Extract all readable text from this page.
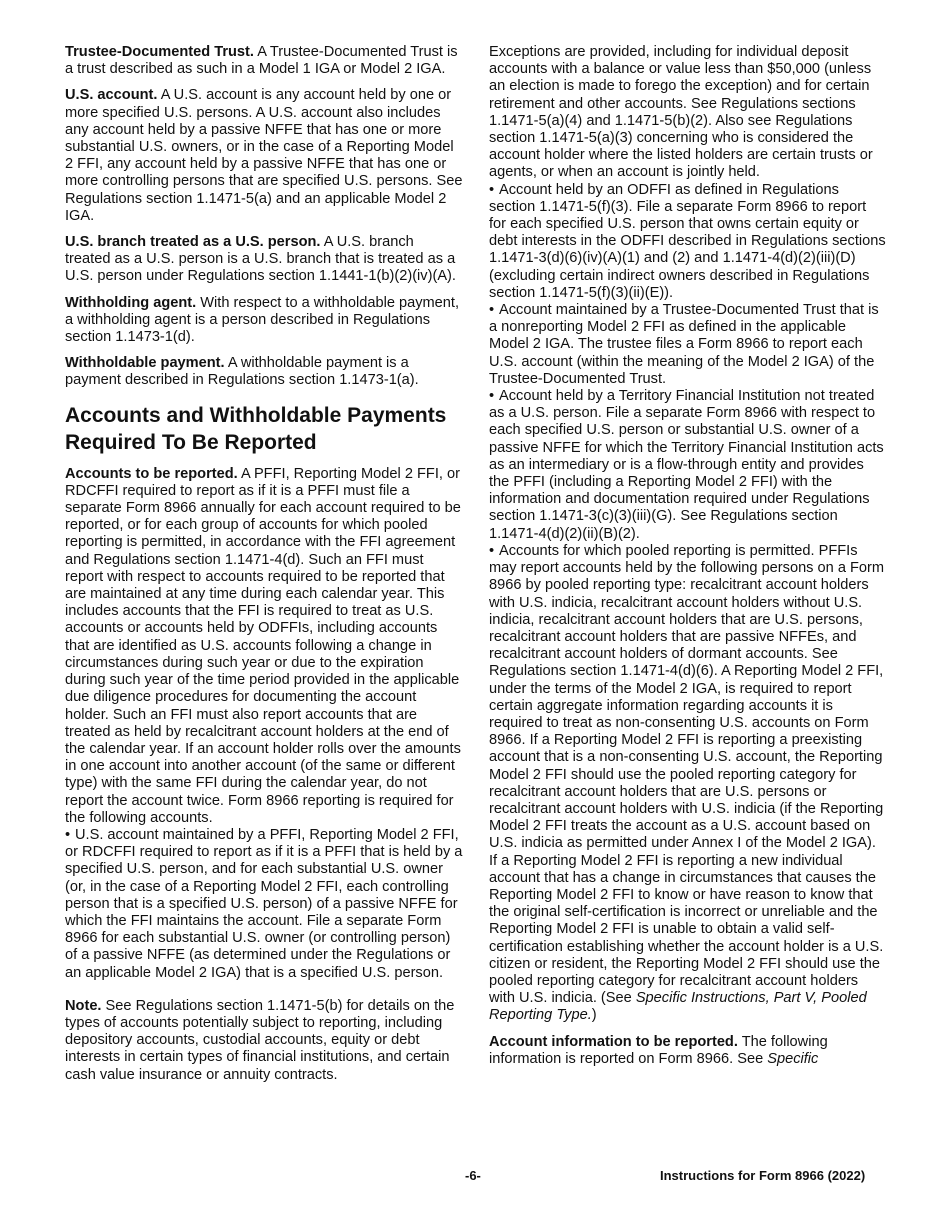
Trustee-Documented Trust. A Trustee-Documented Trust is a trust described as such in a Model 1 IGA or Model 2 IGA.

U.S. account. A U.S. account is any account held by one or more specified U.S. persons. A U.S. account also includes any account held by a passive NFFE that has one or more substantial U.S. owners, or in the case of a Reporting Model 2 FFI, any account held by a passive NFFE that has one or more controlling persons that are specified U.S. persons. See Regulations section 1.1471-5(a) and an applicable Model 2 IGA.

U.S. branch treated as a U.S. person. A U.S. branch treated as a U.S. person is a U.S. branch that is treated as a U.S. person under Regulations section 1.1441-1(b)(2)(iv)(A).

Withholding agent. With respect to a withholdable payment, a withholding agent is a person described in Regulations section 1.1473-1(d).

Withholdable payment. A withholdable payment is a payment described in Regulations section 1.1473-1(a).

Accounts and Withholdable Payments Required To Be Reported

Accounts to be reported. A PFFI, Reporting Model 2 FFI, or RDCFFI required to report as if it is a PFFI must file a separate Form 8966 annually for each account required to be reported, or for each group of accounts for which pooled reporting is permitted, in accordance with the FFI agreement and Regulations section 1.1471-4(d). Such an FFI must report with respect to accounts required to be reported that are maintained at any time during each calendar year. This includes accounts that the FFI is required to treat as U.S. accounts or accounts held by ODFFIs, including accounts that are identified as U.S. accounts following a change in circumstances during such year or due to the expiration during such year of the time period provided in the applicable due diligence procedures for documenting the account holder. Such an FFI must also report accounts that are treated as held by recalcitrant account holders at the end of the calendar year. If an account holder rolls over the amounts in one account into another account (of the same or different type) with the same FFI during the calendar year, do not report the account twice. Form 8966 reporting is required for the following accounts.

• U.S. account maintained by a PFFI, Reporting Model 2 FFI, or RDCFFI required to report as if it is a PFFI that is held by a specified U.S. person, and for each substantial U.S. owner (or, in the case of a Reporting Model 2 FFI, each controlling person that is a specified U.S. person) of a passive NFFE for which the FFI maintains the account. File a separate Form 8966 for each substantial U.S. owner (or controlling person) of a passive NFFE (as determined under the Regulations or an applicable Model 2 IGA) that is a specified U.S. person.

Note. See Regulations section 1.1471-5(b) for details on the types of accounts potentially subject to reporting, including depository accounts, custodial accounts, equity or debt interests in certain types of financial institutions, and certain cash value insurance or annuity contracts.

Exceptions are provided, including for individual deposit accounts with a balance or value less than $50,000 (unless an election is made to forego the exception) and for certain retirement and other accounts. See Regulations sections 1.1471-5(a)(4) and 1.1471-5(b)(2). Also see Regulations section 1.1471-5(a)(3) concerning who is considered the account holder where the listed holders are certain trusts or agents, or when an account is jointly held.

• Account held by an ODFFI as defined in Regulations section 1.1471-5(f)(3). File a separate Form 8966 to report for each specified U.S. person that owns certain equity or debt interests in the ODFFI described in Regulations sections 1.1471-3(d)(6)(iv)(A)(1) and (2) and 1.1471-4(d)(2)(iii)(D) (excluding certain indirect owners described in Regulations section 1.1471-5(f)(3)(ii)(E)).

• Account maintained by a Trustee-Documented Trust that is a nonreporting Model 2 FFI as defined in the applicable Model 2 IGA. The trustee files a Form 8966 to report each U.S. account (within the meaning of the Model 2 IGA) of the Trustee-Documented Trust.

• Account held by a Territory Financial Institution not treated as a U.S. person. File a separate Form 8966 with respect to each specified U.S. person or substantial U.S. owner of a passive NFFE for which the Territory Financial Institution acts as an intermediary or is a flow-through entity and provides the PFFI (including a Reporting Model 2 FFI) with the information and documentation required under Regulations section 1.1471-3(c)(3)(iii)(G). See Regulations section 1.1471-4(d)(2)(ii)(B)(2).

• Accounts for which pooled reporting is permitted. PFFIs may report accounts held by the following persons on a Form 8966 by pooled reporting type: recalcitrant account holders with U.S. indicia, recalcitrant account holders without U.S. indicia, recalcitrant account holders that are U.S. persons, recalcitrant account holders that are passive NFFEs, and recalcitrant account holders of dormant accounts. See Regulations section 1.1471-4(d)(6). A Reporting Model 2 FFI, under the terms of the Model 2 IGA, is required to report certain aggregate information regarding accounts it is required to treat as non-consenting U.S. accounts on Form 8966. If a Reporting Model 2 FFI is reporting a preexisting account that is a non-consenting U.S. account, the Reporting Model 2 FFI should use the pooled reporting category for recalcitrant account holders that are U.S. persons or recalcitrant account holders with U.S. indicia (if the Reporting Model 2 FFI treats the account as a U.S. account based on U.S. indicia as permitted under Annex I of the Model 2 IGA). If a Reporting Model 2 FFI is reporting a new individual account that has a change in circumstances that causes the Reporting Model 2 FFI to know or have reason to know that the original self-certification is incorrect or unreliable and the Reporting Model 2 FFI is unable to obtain a valid self-certification establishing whether the account holder is a U.S. citizen or resident, the Reporting Model 2 FFI should use the pooled reporting category for recalcitrant account holders with U.S. indicia. (See Specific Instructions, Part V, Pooled Reporting Type.)

Account information to be reported. The following information is reported on Form 8966. See Specific

-6-	Instructions for Form 8966 (2022)
